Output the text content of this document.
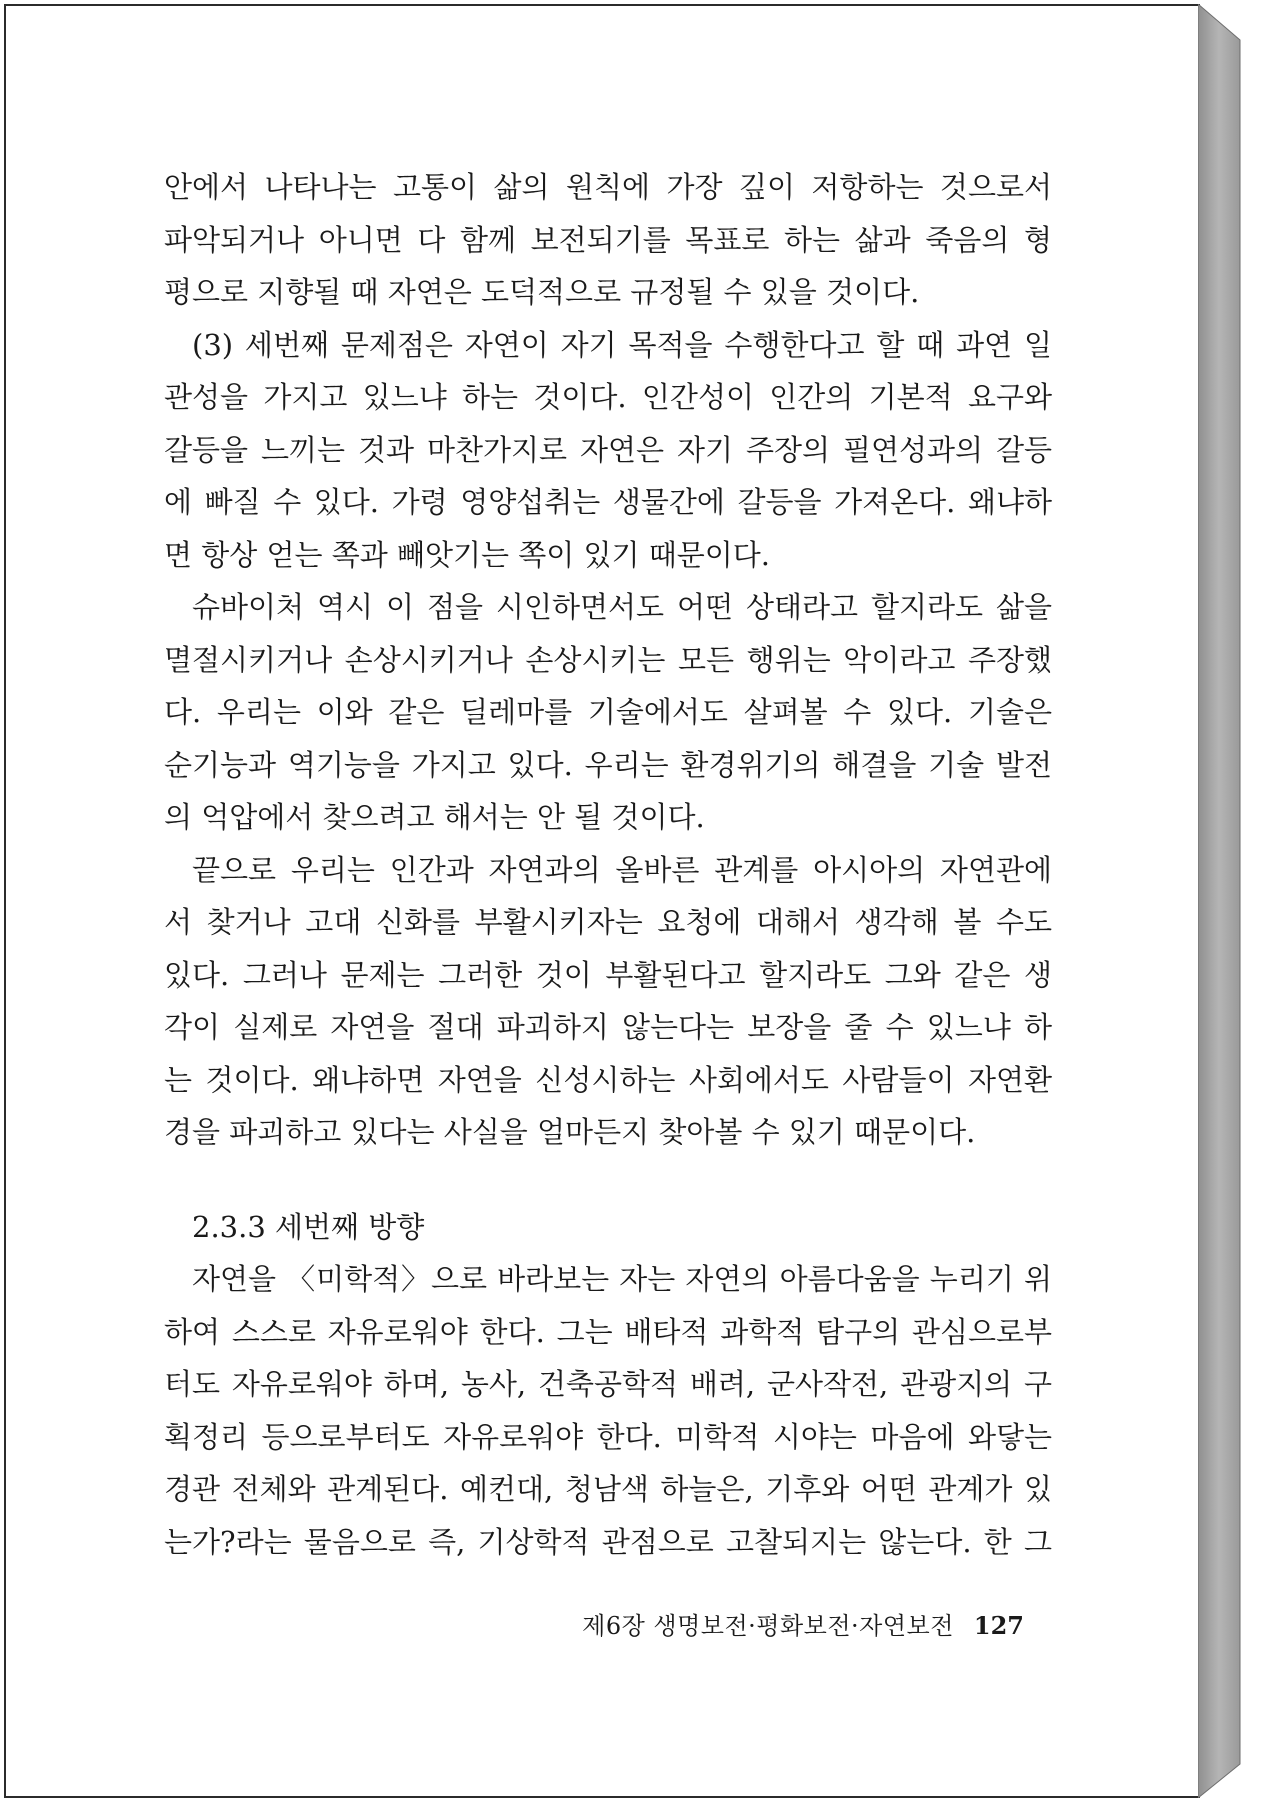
안에서 나타나는 고통이 삶의 원칙에 가장 깊이 저항하는 것으로서

파악되거나 아니면 다 함께 보전되기를 목표로 하는 삶과 죽음의 형

평으로 지향될 때 자연은 도덕적으로 규정될 수 있을 것이다.

(3) 세번째 문제점은 자연이 자기 목적을 수행한다고 할 때 과연 일

관성을 가지고 있느냐 하는 것이다. 인간성이 인간의 기본적 요구와

갈등을 느끼는 것과 마찬가지로 자연은 자기 주장의 필연성과의 갈등

에 빠질 수 있다. 가령 영양섭취는 생물간에 갈등을 가져온다. 왜냐하

면 항상 얻는 쪽과 빼앗기는 쪽이 있기 때문이다.

슈바이처 역시 이 점을 시인하면서도 어떤 상태라고 할지라도 삶을

멸절시키거나 손상시키거나 손상시키는 모든 행위는 악이라고 주장했

다. 우리는 이와 같은 딜레마를 기술에서도 살펴볼 수 있다. 기술은

순기능과 역기능을 가지고 있다. 우리는 환경위기의 해결을 기술 발전

의 억압에서 찾으려고 해서는 안 될 것이다.

끝으로 우리는 인간과 자연과의 올바른 관계를 아시아의 자연관에

서 찾거나 고대 신화를 부활시키자는 요청에 대해서 생각해 볼 수도

있다. 그러나 문제는 그러한 것이 부활된다고 할지라도 그와 같은 생

각이 실제로 자연을 절대 파괴하지 않는다는 보장을 줄 수 있느냐 하

는 것이다. 왜냐하면 자연을 신성시하는 사회에서도 사람들이 자연환

경을 파괴하고 있다는 사실을 얼마든지 찾아볼 수 있기 때문이다.

2.3.3 세번째 방향

자연을 〈미학적〉으로 바라보는 자는 자연의 아름다움을 누리기 위

하여 스스로 자유로워야 한다. 그는 배타적 과학적 탐구의 관심으로부

터도 자유로워야 하며, 농사, 건축공학적 배려, 군사작전, 관광지의 구

획정리 등으로부터도 자유로워야 한다. 미학적 시야는 마음에 와닿는

경관 전체와 관계된다. 예컨대, 청남색 하늘은, 기후와 어떤 관계가 있

는가?라는 물음으로 즉, 기상학적 관점으로 고찰되지는 않는다. 한 그

제6장 생명보전·평화보전·자연보전 127
